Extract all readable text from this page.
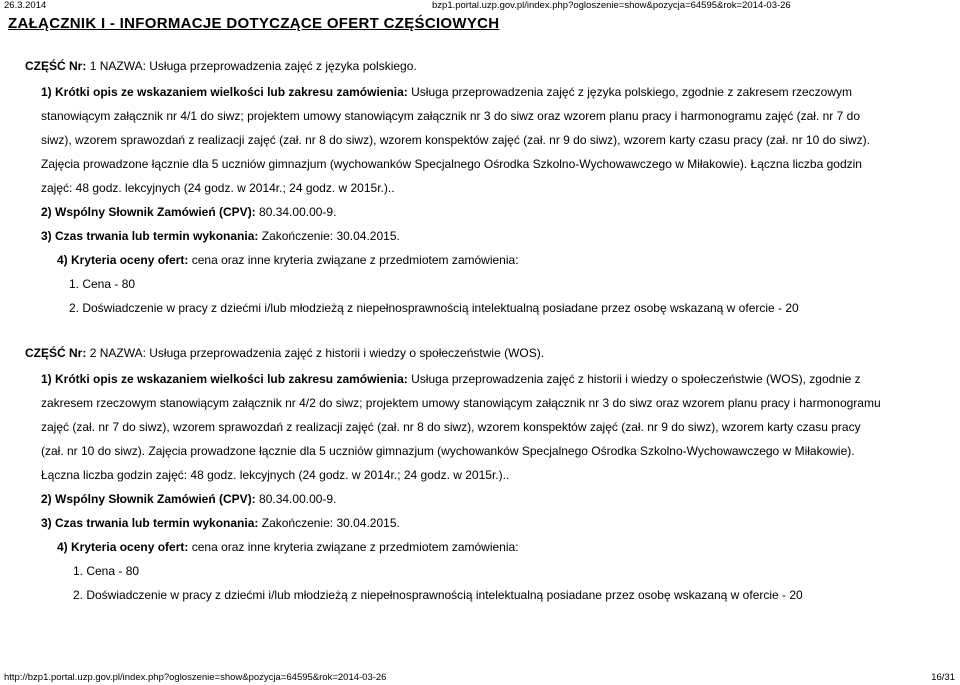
26.3.2014	bzp1.portal.uzp.gov.pl/index.php?ogloszenie=show&pozycja=64595&rok=2014-03-26
ZAŁĄCZNIK I - INFORMACJE DOTYCZĄCE OFERT CZĘŚCIOWYCH
CZĘŚĆ Nr: 1 NAZWA: Usługa przeprowadzenia zajęć z języka polskiego.
1) Krótki opis ze wskazaniem wielkości lub zakresu zamówienia: Usługa przeprowadzenia zajęć z języka polskiego, zgodnie z zakresem rzeczowym
stanowiącym załącznik nr 4/1 do siwz; projektem umowy stanowiącym załącznik nr 3 do siwz oraz wzorem planu pracy i harmonogramu zajęć (zał. nr 7 do
siwz), wzorem sprawozdań z realizacji zajęć (zał. nr 8 do siwz), wzorem konspektów zajęć (zał. nr 9 do siwz), wzorem karty czasu pracy (zał. nr 10 do siwz).
Zajęcia prowadzone łącznie dla 5 uczniów gimnazjum (wychowanków Specjalnego Ośrodka Szkolno-Wychowawczego w Miłakowie). Łączna liczba godzin
zajęć: 48 godz. lekcyjnych (24 godz. w 2014r.; 24 godz. w 2015r.)..
2) Wspólny Słownik Zamówień (CPV): 80.34.00.00-9.
3) Czas trwania lub termin wykonania: Zakończenie: 30.04.2015.
4) Kryteria oceny ofert: cena oraz inne kryteria związane z przedmiotem zamówienia:
1. Cena - 80
2. Doświadczenie w pracy z dziećmi i/lub młodzieżą z niepełnosprawnością intelektualną posiadane przez osobę wskazaną w ofercie - 20
CZĘŚĆ Nr: 2 NAZWA: Usługa przeprowadzenia zajęć z historii i wiedzy o społeczeństwie (WOS).
1) Krótki opis ze wskazaniem wielkości lub zakresu zamówienia: Usługa przeprowadzenia zajęć z historii i wiedzy o społeczeństwie (WOS), zgodnie z
zakresem rzeczowym stanowiącym załącznik nr 4/2 do siwz; projektem umowy stanowiącym załącznik nr 3 do siwz oraz wzorem planu pracy i harmonogramu
zajęć (zał. nr 7 do siwz), wzorem sprawozdań z realizacji zajęć (zał. nr 8 do siwz), wzorem konspektów zajęć (zał. nr 9 do siwz), wzorem karty czasu pracy
(zał. nr 10 do siwz). Zajęcia prowadzone łącznie dla 5 uczniów gimnazjum (wychowanków Specjalnego Ośrodka Szkolno-Wychowawczego w Miłakowie).
Łączna liczba godzin zajęć: 48 godz. lekcyjnych (24 godz. w 2014r.; 24 godz. w 2015r.)..
2) Wspólny Słownik Zamówień (CPV): 80.34.00.00-9.
3) Czas trwania lub termin wykonania: Zakończenie: 30.04.2015.
4) Kryteria oceny ofert: cena oraz inne kryteria związane z przedmiotem zamówienia:
1. Cena - 80
2. Doświadczenie w pracy z dziećmi i/lub młodzieżą z niepełnosprawnością intelektualną posiadane przez osobę wskazaną w ofercie - 20
http://bzp1.portal.uzp.gov.pl/index.php?ogloszenie=show&pozycja=64595&rok=2014-03-26	16/31
